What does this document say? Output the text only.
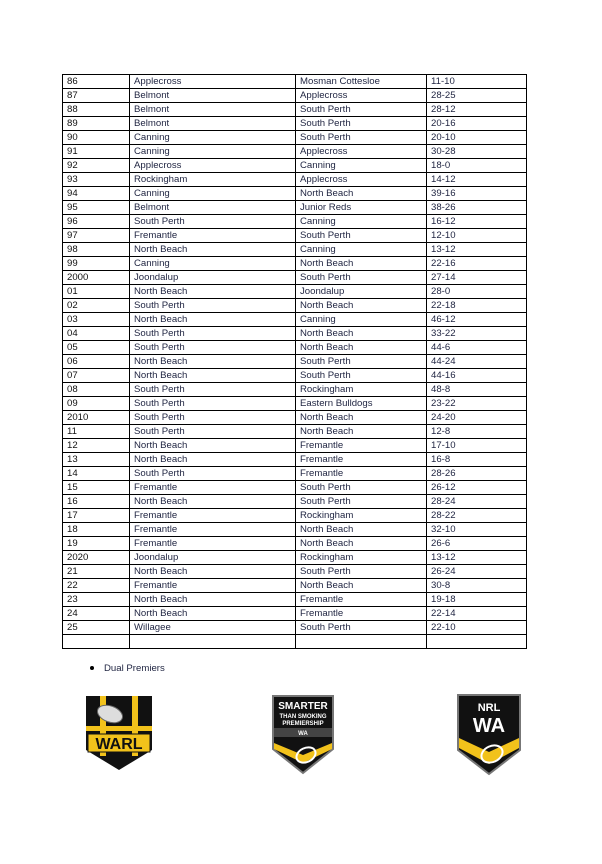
86	Applecross	Mosman Cottesloe	11-10
87	Belmont	Applecross	28-25
88	Belmont	South Perth	28-12
89	Belmont	South Perth	20-16
90	Canning	South Perth	20-10
91	Canning	Applecross	30-28
92	Applecross	Canning	18-0
93	Rockingham	Applecross	14-12
94	Canning	North Beach	39-16
95	Belmont	Junior Reds	38-26
96	South Perth	Canning	16-12
97	Fremantle	South Perth	12-10
98	North Beach	Canning	13-12
99	Canning	North Beach	22-16
2000	Joondalup	South Perth	27-14
01	North Beach	Joondalup	28-0
02	South Perth	North Beach	22-18
03	North Beach	Canning	46-12
04	South Perth	North Beach	33-22
05	South Perth	North Beach	44-6
06	North Beach	South Perth	44-24
07	North Beach	South Perth	44-16
08	South Perth	Rockingham	48-8
09	South Perth	Eastern Bulldogs	23-22
2010	South Perth	North Beach	24-20
11	South Perth	North Beach	12-8
12	North Beach	Fremantle	17-10
13	North Beach	Fremantle	16-8
14	South Perth	Fremantle	28-26
15	Fremantle	South Perth	26-12
16	North Beach	South Perth	28-24
17	Fremantle	Rockingham	28-22
18	Fremantle	North Beach	32-10
19	Fremantle	North Beach	26-6
2020	Joondalup	Rockingham	13-12
21	North Beach	South Perth	26-24
22	Fremantle	North Beach	30-8
23	North Beach	Fremantle	19-18
24	North Beach	Fremantle	22-14
25	Willagee	South Perth	22-10

Dual Premiers
WARL
SMARTER
THAN SMOKING
PREMIERSHIP
WA
NRL
WA
